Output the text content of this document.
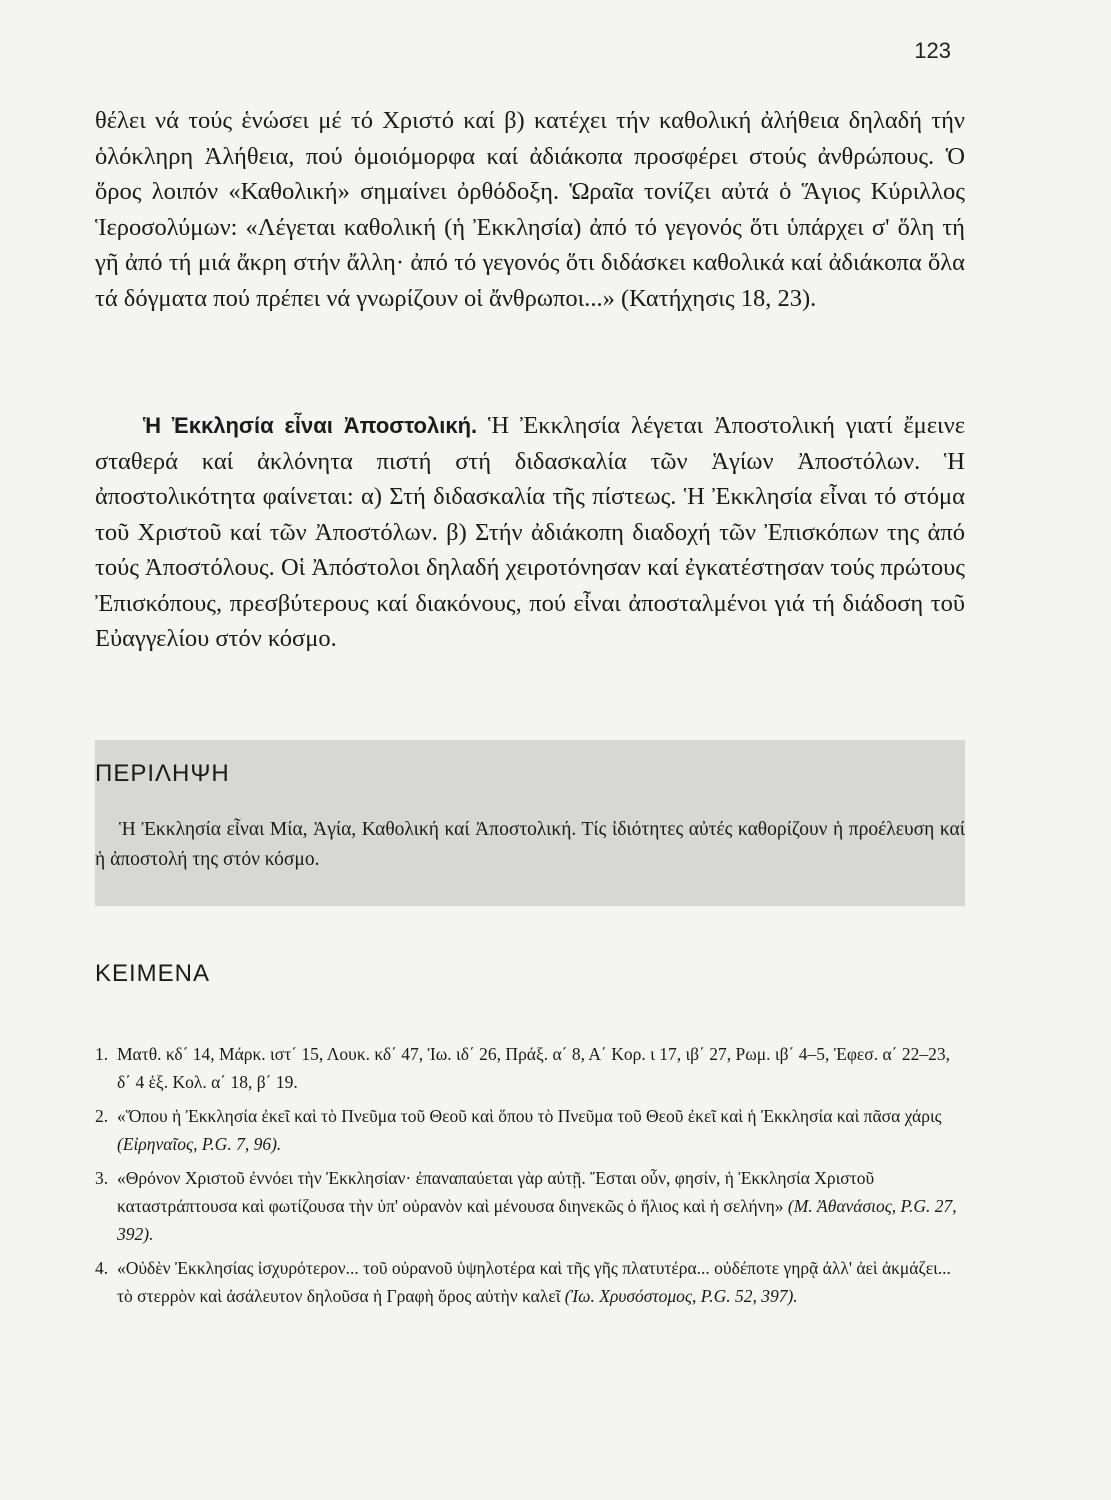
123

θέλει νά τούς ἑνώσει μέ τό Χριστό καί β) κατέχει τήν καθολική ἀλήθεια δηλαδή τήν ὁλόκληρη Ἀλήθεια, πού ὁμοιόμορφα καί ἀδιάκοπα προσφέρει στούς ἀνθρώπους. Ὁ ὅρος λοιπόν «Καθολική» σημαίνει ὀρθόδοξη. Ὡραῖα τονίζει αὐτά ὁ Ἅγιος Κύριλλος Ἱεροσολύμων: «Λέγεται καθολική (ἡ Ἐκκλησία) ἀπό τό γεγονός ὅτι ὑπάρχει σ' ὅλη τή γῆ ἀπό τή μιά ἄκρη στήν ἄλλη· ἀπό τό γεγονός ὅτι διδάσκει καθολικά καί ἀδιάκοπα ὅλα τά δόγματα πού πρέπει νά γνωρίζουν οἱ ἄνθρωποι...» (Κατήχησις 18, 23).

Ἡ Ἐκκλησία εἶναι Ἀποστολική. Ἡ Ἐκκλησία λέγεται Ἀποστολική γιατί ἔμεινε σταθερά καί ἀκλόνητα πιστή στή διδασκαλία τῶν Ἁγίων Ἀποστόλων. Ἡ ἀποστολικότητα φαίνεται: α) Στή διδασκαλία τῆς πίστεως. Ἡ Ἐκκλησία εἶναι τό στόμα τοῦ Χριστοῦ καί τῶν Ἀποστόλων. β) Στήν ἀδιάκοπη διαδοχή τῶν Ἐπισκόπων της ἀπό τούς Ἀποστόλους. Οἱ Ἀπόστολοι δηλαδή χειροτόνησαν καί ἐγκατέστησαν τούς πρώτους Ἐπισκόπους, πρεσβύτερους καί διακόνους, πού εἶναι ἀποσταλμένοι γιά τή διάδοση τοῦ Εὐαγγελίου στόν κόσμο.

ΠΕΡΙΛΗΨΗ

Ἡ Ἐκκλησία εἶναι Μία, Ἁγία, Καθολική καί Ἀποστολική. Τίς ἰδιότητες αὐτές καθορίζουν ἡ προέλευση καί ἡ ἀποστολή της στόν κόσμο.

ΚΕΙΜΕΝΑ
1. Ματθ. κδ΄ 14, Μάρκ. ιστ΄ 15, Λουκ. κδ΄ 47, Ἰω. ιδ΄ 26, Πράξ. α΄ 8, Α΄ Κορ. ι 17, ιβ΄ 27, Ρωμ. ιβ΄ 4–5, Ἐφεσ. α΄ 22–23, δ΄ 4 ἑξ. Κολ. α΄ 18, β΄ 19.
2. «Ὅπου ἡ Ἐκκλησία ἐκεῖ καὶ τὸ Πνεῦμα τοῦ Θεοῦ καὶ ὅπου τὸ Πνεῦμα τοῦ Θεοῦ ἐκεῖ καὶ ἡ Ἐκκλησία καὶ πᾶσα χάρις (Εἰρηναῖος, P.G. 7, 96).
3. «Θρόνον Χριστοῦ ἐννόει τὴν Ἐκκλησίαν· ἐπαναπαύεται γὰρ αὐτῇ. Ἔσται οὖν, φησίν, ἡ Ἐκκλησία Χριστοῦ καταστράπτουσα καὶ φωτίζουσα τὴν ὑπ' οὐρανὸν καὶ μένουσα διηνεκῶς ὁ ἥλιος καὶ ἡ σελήνη» (Μ. Ἀθανάσιος, P.G. 27, 392).
4. «Οὐδὲν Ἐκκλησίας ἰσχυρότερον... τοῦ οὐρανοῦ ὑψηλοτέρα καὶ τῆς γῆς πλατυτέρα... οὐδέποτε γηρᾷ ἀλλ' ἀεὶ ἀκμάζει... τὸ στερρὸν καὶ ἀσάλευτον δηλοῦσα ἡ Γραφὴ ὄρος αὐτὴν καλεῖ (Ἰω. Χρυσόστομος, P.G. 52, 397).
